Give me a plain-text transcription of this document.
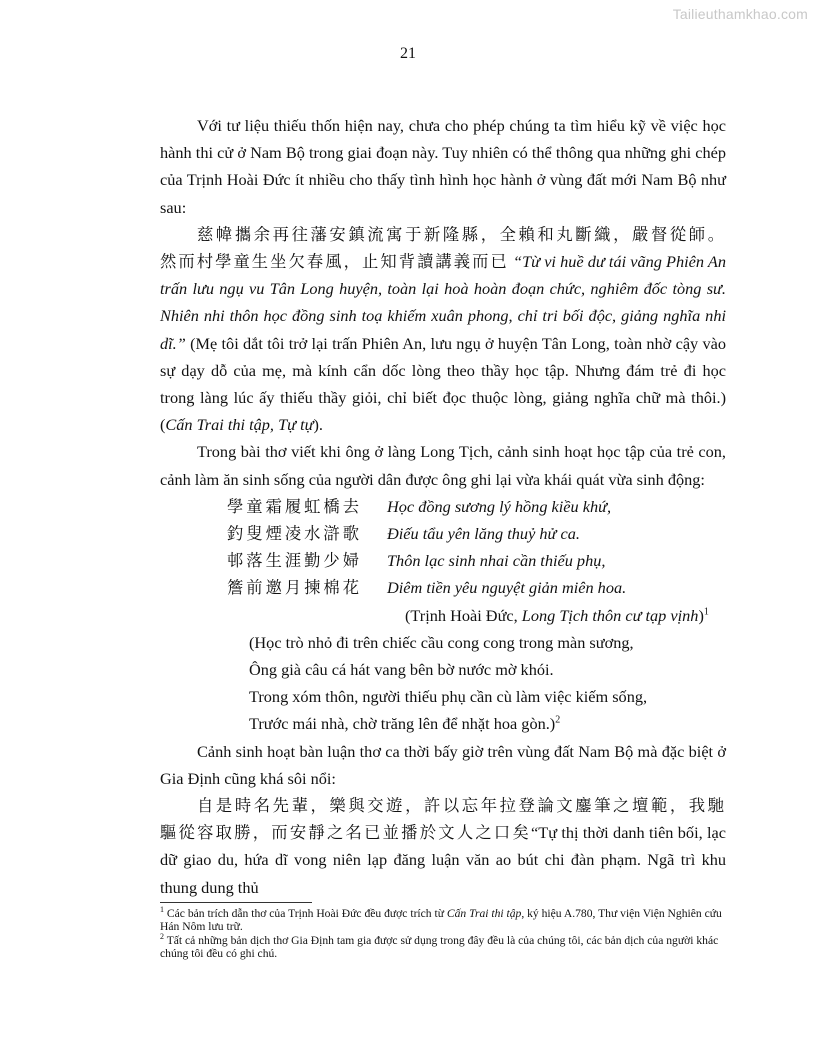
Tailieuthamkhao.com
21

Với tư liệu thiếu thốn hiện nay, chưa cho phép chúng ta tìm hiểu kỹ về việc học hành thi cử ở Nam Bộ trong giai đoạn này. Tuy nhiên có thể thông qua những ghi chép của Trịnh Hoài Đức ít nhiều cho thấy tình hình học hành ở vùng đất mới Nam Bộ như sau:

慈幃攜余再往藩安鎮流寓于新隆縣，全賴和丸斷織，嚴督從師。然而村學童生坐欠春風，止知背讀講義而已 “Từ vi huề dư tái vãng Phiên An trấn lưu ngụ vu Tân Long huyện, toàn lại hoà hoàn đoạn chức, nghiêm đốc tòng sư. Nhiên nhi thôn học đồng sinh toạ khiếm xuân phong, chỉ tri bối độc, giảng nghĩa nhi dĩ.” (Mẹ tôi dắt tôi trở lại trấn Phiên An, lưu ngụ ở huyện Tân Long, toàn nhờ cậy vào sự dạy dỗ của mẹ, mà kính cẩn dốc lòng theo thầy học tập. Nhưng đám trẻ đi học trong làng lúc ấy thiếu thầy giỏi, chỉ biết đọc thuộc lòng, giảng nghĩa chữ mà thôi.) (Cấn Trai thi tập, Tự tự).

Trong bài thơ viết khi ông ở làng Long Tịch, cảnh sinh hoạt học tập của trẻ con, cảnh làm ăn sinh sống của người dân được ông ghi lại vừa khái quát vừa sinh động:

學童霜履虹橋去	Học đồng sương lý hồng kiều khứ,
釣叟煙凌水滸歌	Điếu tẩu yên lăng thuỷ hử ca.
邨落生涯勤少婦	Thôn lạc sinh nhai cần thiếu phụ,
簷前邀月揀棉花	Diêm tiền yêu nguyệt giản miên hoa.
(Trịnh Hoài Đức, Long Tịch thôn cư tạp vịnh)$^1$
(Học trò nhỏ đi trên chiếc cầu cong cong trong màn sương,
Ông già câu cá hát vang bên bờ nước mờ khói.
Trong xóm thôn, người thiếu phụ cần cù làm việc kiếm sống,
Trước mái nhà, chờ trăng lên để nhặt hoa gòn.)$^2$

Cảnh sinh hoạt bàn luận thơ ca thời bấy giờ trên vùng đất Nam Bộ mà đặc biệt ở Gia Định cũng khá sôi nổi:

自是時名先輩，樂與交遊，許以忘年拉登論文鏖筆之壇範，我馳驅從容取勝，而安靜之名已並播於文人之口矣“Tự thị thời danh tiên bối, lạc dữ giao du, hứa dĩ vong niên lạp đăng luận văn ao bút chi đàn phạm. Ngã trì khu thung dung thủ

$^1$ Các bản trích dẫn thơ của Trịnh Hoài Đức đều được trích từ Cấn Trai thi tập, ký hiệu A.780, Thư viện Viện Nghiên cứu Hán Nôm lưu trữ.

$^2$ Tất cả những bản dịch thơ Gia Định tam gia được sử dụng trong đây đều là của chúng tôi, các bản dịch của người khác chúng tôi đều có ghi chú.
